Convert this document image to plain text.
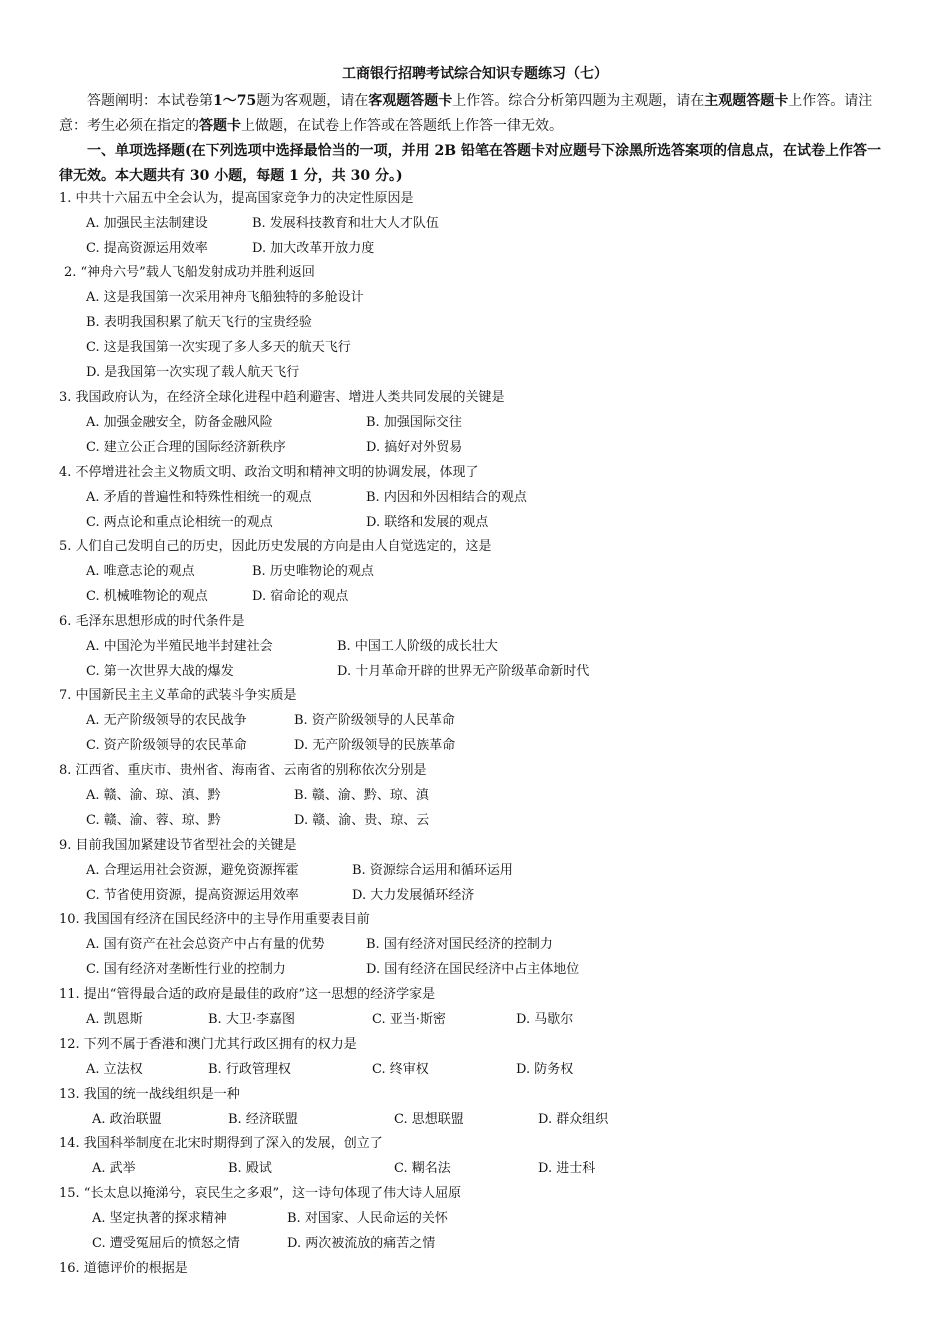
工商银行招聘考试综合知识专题练习（七）
答题阐明：本试卷第1～75题为客观题，请在客观题答题卡上作答。综合分析第四题为主观题，请在主观题答题卡上作答。请注意：考生必须在指定的答题卡上做题，在试卷上作答或在答题纸上作答一律无效。
一、单项选择题(在下列选项中选择最恰当的一项，并用 2B 铅笔在答题卡对应题号下涂黑所选答案项的信息点，在试卷上作答一律无效。本大题共有 30 小题，每题 1 分，共 30 分。)
1. 中共十六届五中全会认为，提高国家竞争力的决定性原因是
A. 加强民主法制建设	B. 发展科技教育和壮大人才队伍
C. 提高资源运用效率	D. 加大改革开放力度
2. “神舟六号”载人飞船发射成功并胜利返回
A. 这是我国第一次采用神舟飞船独特的多舱设计
B. 表明我国积累了航天飞行的宝贵经验
C. 这是我国第一次实现了多人多天的航天飞行
D. 是我国第一次实现了载人航天飞行
3. 我国政府认为，在经济全球化进程中趋利避害、增进人类共同发展的关键是
A. 加强金融安全，防备金融风险	B. 加强国际交往
C. 建立公正合理的国际经济新秩序	D. 搞好对外贸易
4. 不停增进社会主义物质文明、政治文明和精神文明的协调发展，体现了
A. 矛盾的普遍性和特殊性相统一的观点	B. 内因和外因相结合的观点
C. 两点论和重点论相统一的观点	D. 联络和发展的观点
5. 人们自己发明自己的历史，因此历史发展的方向是由人自觉选定的，这是
A. 唯意志论的观点	B. 历史唯物论的观点
C. 机械唯物论的观点	D. 宿命论的观点
6. 毛泽东思想形成的时代条件是
A. 中国沦为半殖民地半封建社会	B. 中国工人阶级的成长壮大
C. 第一次世界大战的爆发	D. 十月革命开辟的世界无产阶级革命新时代
7. 中国新民主主义革命的武装斗争实质是
A. 无产阶级领导的农民战争	B. 资产阶级领导的人民革命
C. 资产阶级领导的农民革命	D. 无产阶级领导的民族革命
8. 江西省、重庆市、贵州省、海南省、云南省的别称依次分别是
A. 赣、渝、琼、滇、黔	B. 赣、渝、黔、琼、滇
C. 赣、渝、蓉、琼、黔	D. 赣、渝、贵、琼、云
9. 目前我国加紧建设节省型社会的关键是
A. 合理运用社会资源，避免资源挥霍	B. 资源综合运用和循环运用
C. 节省使用资源，提高资源运用效率	D. 大力发展循环经济
10. 我国国有经济在国民经济中的主导作用重要表目前
A. 国有资产在社会总资产中占有量的优势	B. 国有经济对国民经济的控制力
C. 国有经济对垄断性行业的控制力	D. 国有经济在国民经济中占主体地位
11. 提出“管得最合适的政府是最佳的政府”这一思想的经济学家是
A. 凯恩斯	B. 大卫·李嘉图	C. 亚当·斯密	D. 马歇尔
12. 下列不属于香港和澳门尤其行政区拥有的权力是
A. 立法权	B. 行政管理权	C. 终审权	D. 防务权
13. 我国的统一战线组织是一种
A. 政治联盟	B. 经济联盟	C. 思想联盟	D. 群众组织
14. 我国科举制度在北宋时期得到了深入的发展，创立了
A. 武举	B. 殿试	C. 糊名法	D. 进士科
15. “长太息以掩涕兮，哀民生之多艰”，这一诗句体现了伟大诗人屈原
A. 坚定执著的探求精神	B. 对国家、人民命运的关怀
C. 遭受冤屈后的愤怒之情	D. 两次被流放的痛苦之情
16. 道德评价的根据是
